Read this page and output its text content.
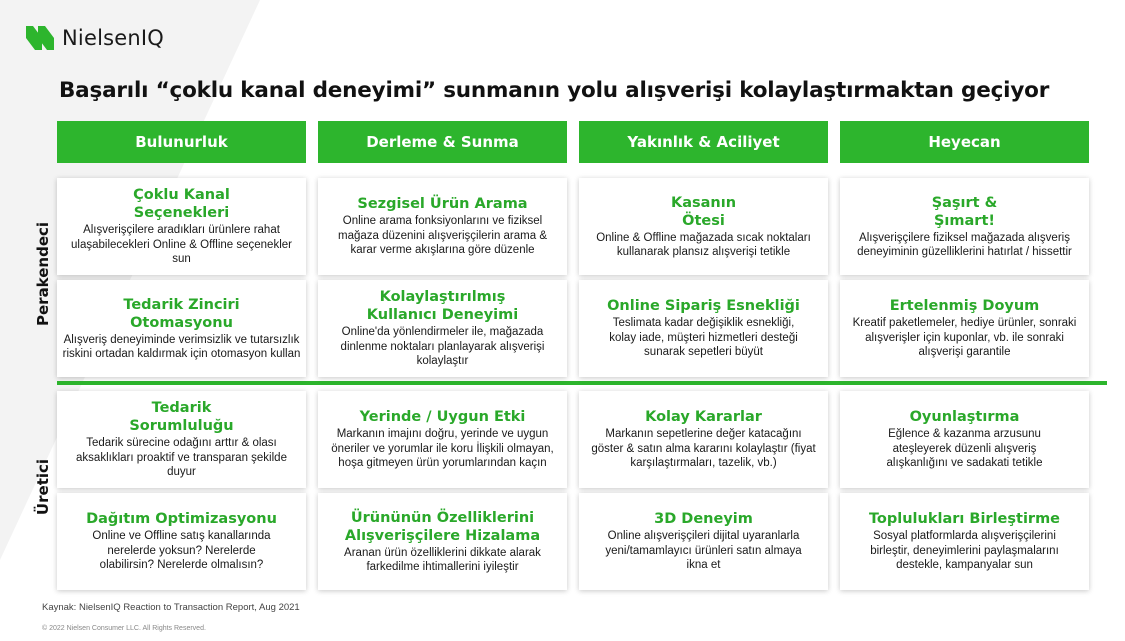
NielsenIQ
Başarılı “çoklu kanal deneyimi” sunmanın yolu alışverişi kolaylaştırmaktan geçiyor
Bulunurluk	Derleme & Sunma	Yakınlık & Aciliyet	Heyecan
Perakendeci
Üretici
Çoklu Kanal Seçenekleri
Alışverişçilere aradıkları ürünlere rahat ulaşabilecekleri Online & Offline seçenekler sun
Sezgisel Ürün Arama
Online arama fonksiyonlarını ve fiziksel mağaza düzenini alışverişçilerin arama & karar verme akışlarına göre düzenle
Kasanın Ötesi
Online & Offline mağazada sıcak noktaları kullanarak plansız alışverişi tetikle
Şaşırt & Şımart!
Alışverişçilere fiziksel mağazada alışveriş deneyiminin güzelliklerini hatırlat / hissettir
Tedarik Zinciri Otomasyonu
Alışveriş deneyiminde verimsizlik ve tutarsızlık riskini ortadan kaldırmak için otomasyon kullan
Kolaylaştırılmış Kullanıcı Deneyimi
Online'da yönlendirmeler ile, mağazada dinlenme noktaları planlayarak alışverişi kolaylaştır
Online Sipariş Esnekliği
Teslimata kadar değişiklik esnekliği, kolay iade, müşteri hizmetleri desteği sunarak sepetleri büyüt
Ertelenmiş Doyum
Kreatif paketlemeler, hediye ürünler, sonraki alışverişler için kuponlar, vb. ile sonraki alışverişi garantile
Tedarik Sorumluluğu
Tedarik sürecine odağını arttır & olası aksaklıkları proaktif ve transparan şekilde duyur
Yerinde / Uygun Etki
Markanın imajını doğru, yerinde ve uygun öneriler ve yorumlar ile koru İlişkili olmayan, hoşa gitmeyen ürün yorumlarından kaçın
Kolay Kararlar
Markanın sepetlerine değer katacağını göster & satın alma kararını kolaylaştır (fiyat karşılaştırmaları, tazelik, vb.)
Oyunlaştırma
Eğlence & kazanma arzusunu ateşleyerek düzenli alışveriş alışkanlığını ve sadakati tetikle
Dağıtım Optimizasyonu
Online ve Offline satış kanallarında nerelerde yoksun? Nerelerde olabilirsin? Nerelerde olmalısın?
Ürününün Özelliklerini Alışverişçilere Hizalama
Aranan ürün özelliklerini dikkate alarak farkedilme ihtimallerini iyileştir
3D Deneyim
Online alışverişçileri dijital uyaranlarla yeni/tamamlayıcı ürünleri satın almaya ikna et
Toplulukları Birleştirme
Sosyal platformlarda alışverişçilerini birleştir, deneyimlerini paylaşmalarını destekle, kampanyalar sun
Kaynak: NielsenIQ Reaction to Transaction Report, Aug 2021
© 2022 Nielsen Consumer LLC. All Rights Reserved.
